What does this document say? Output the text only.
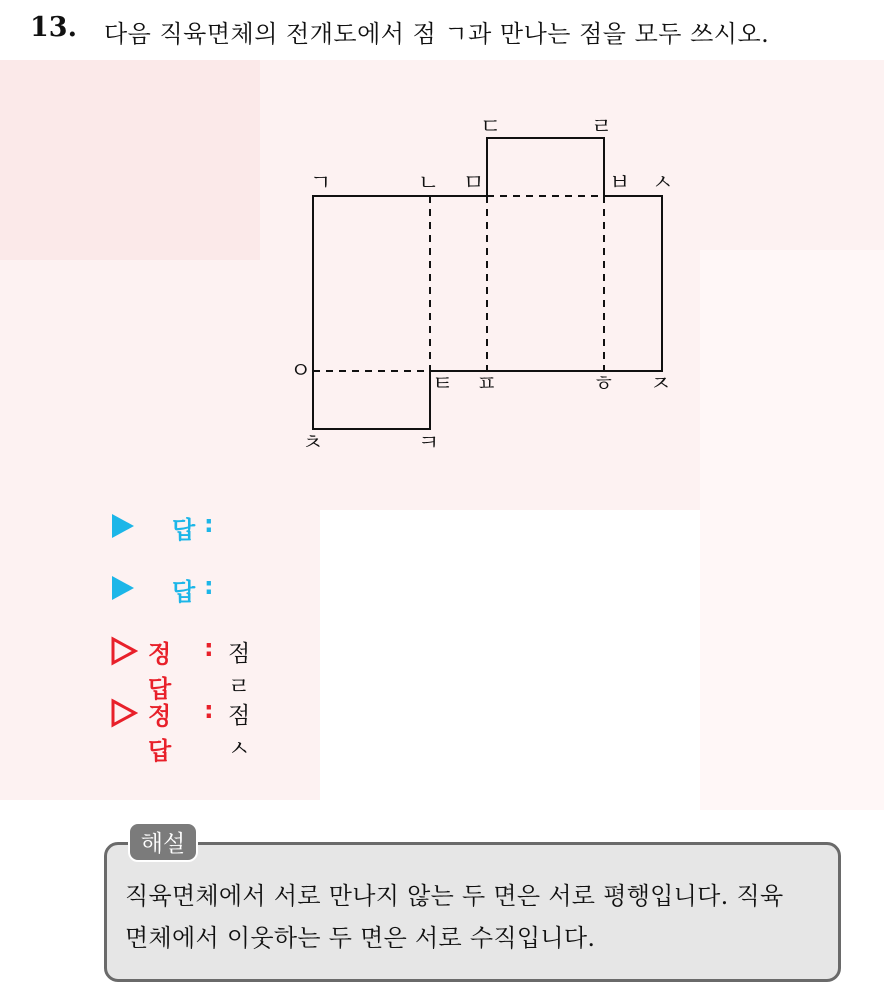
13. 다음 직육면체의 전개도에서 점 ㄱ과 만나는 점을 모두 쓰시오.
ㄱ	ㄴ ㅁ
ㄷ	ㄹ
ㅂ ㅅ
ㅇ
ㅌ ㅍ	ㅎ ㅈ
ㅊ	ㅋ
답 :
답 :
정답
: 점 ㄹ
정답
: 점 ㅅ
해설
직육면체에서 서로 만나지 않는 두 면은 서로 평행입니다. 직육
면체에서 이웃하는 두 면은 서로 수직입니다.
